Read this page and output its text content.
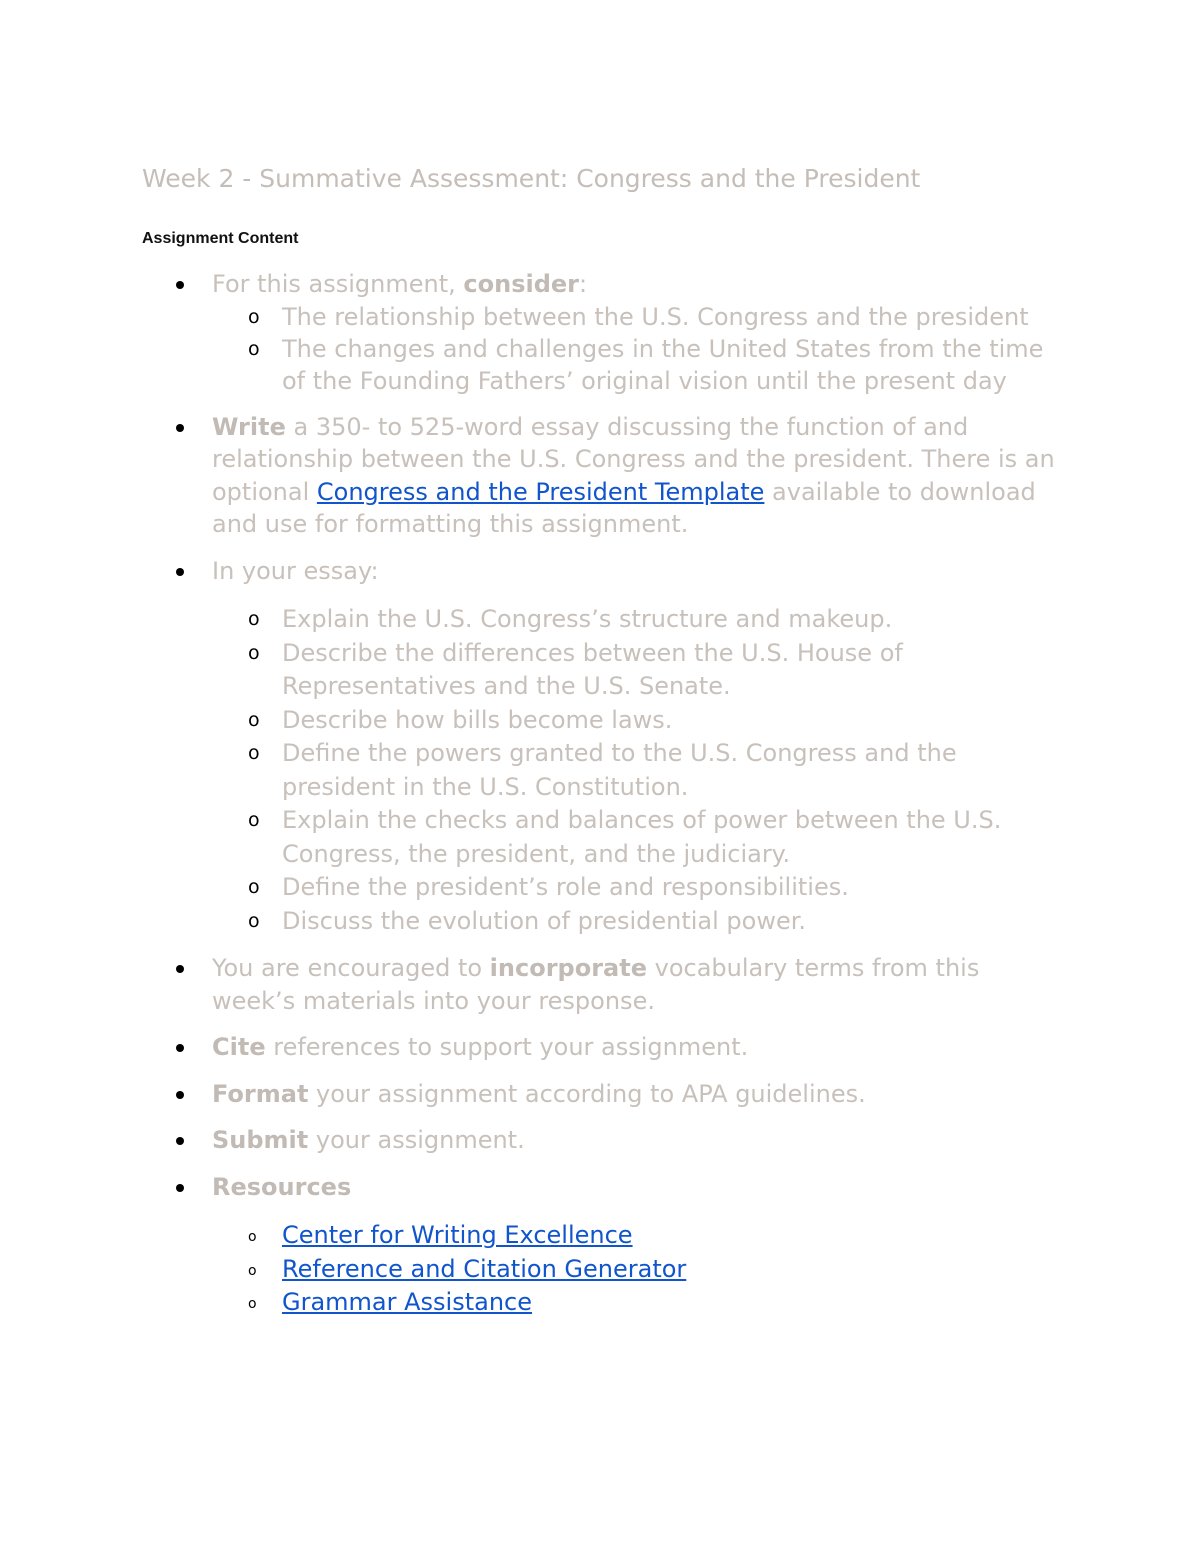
Week 2 - Summative Assessment: Congress and the President
Assignment Content
For this assignment, consider:
o The relationship between the U.S. Congress and the president
o The changes and challenges in the United States from the time of the Founding Fathers’ original vision until the present day
Write a 350- to 525-word essay discussing the function of and relationship between the U.S. Congress and the president. There is an optional Congress and the President Template available to download and use for formatting this assignment.
In your essay:
o Explain the U.S. Congress’s structure and makeup.
o Describe the differences between the U.S. House of Representatives and the U.S. Senate.
o Describe how bills become laws.
o Define the powers granted to the U.S. Congress and the president in the U.S. Constitution.
o Explain the checks and balances of power between the U.S. Congress, the president, and the judiciary.
o Define the president’s role and responsibilities.
o Discuss the evolution of presidential power.
You are encouraged to incorporate vocabulary terms from this week’s materials into your response.
Cite references to support your assignment.
Format your assignment according to APA guidelines.
Submit your assignment.
Resources
o Center for Writing Excellence
o Reference and Citation Generator
o Grammar Assistance
